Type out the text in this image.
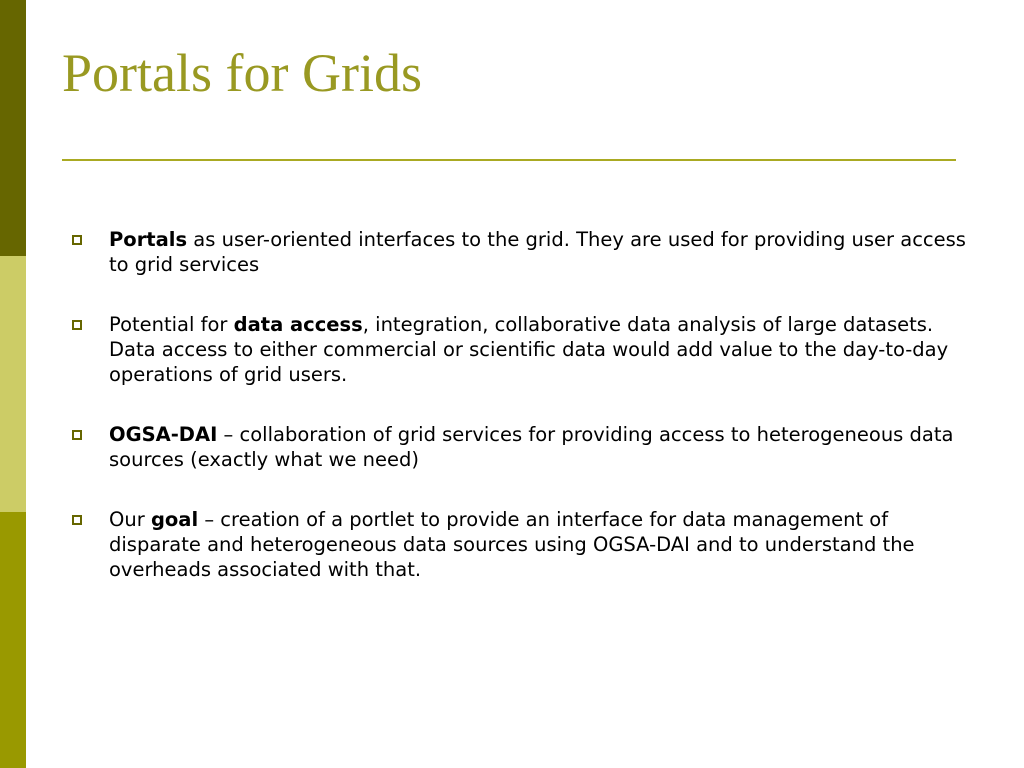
Portals for Grids
Portals as user-oriented interfaces to the grid. They are used for providing user access to grid services
Potential for data access, integration, collaborative data analysis of large datasets. Data access to either commercial or scientific data would add value to the day-to-day operations of grid users.
OGSA-DAI – collaboration of grid services for providing access to heterogeneous data sources (exactly what we need)
Our goal – creation of a portlet to provide an interface for data management of disparate and heterogeneous data sources using OGSA-DAI and to understand the overheads associated with that.
